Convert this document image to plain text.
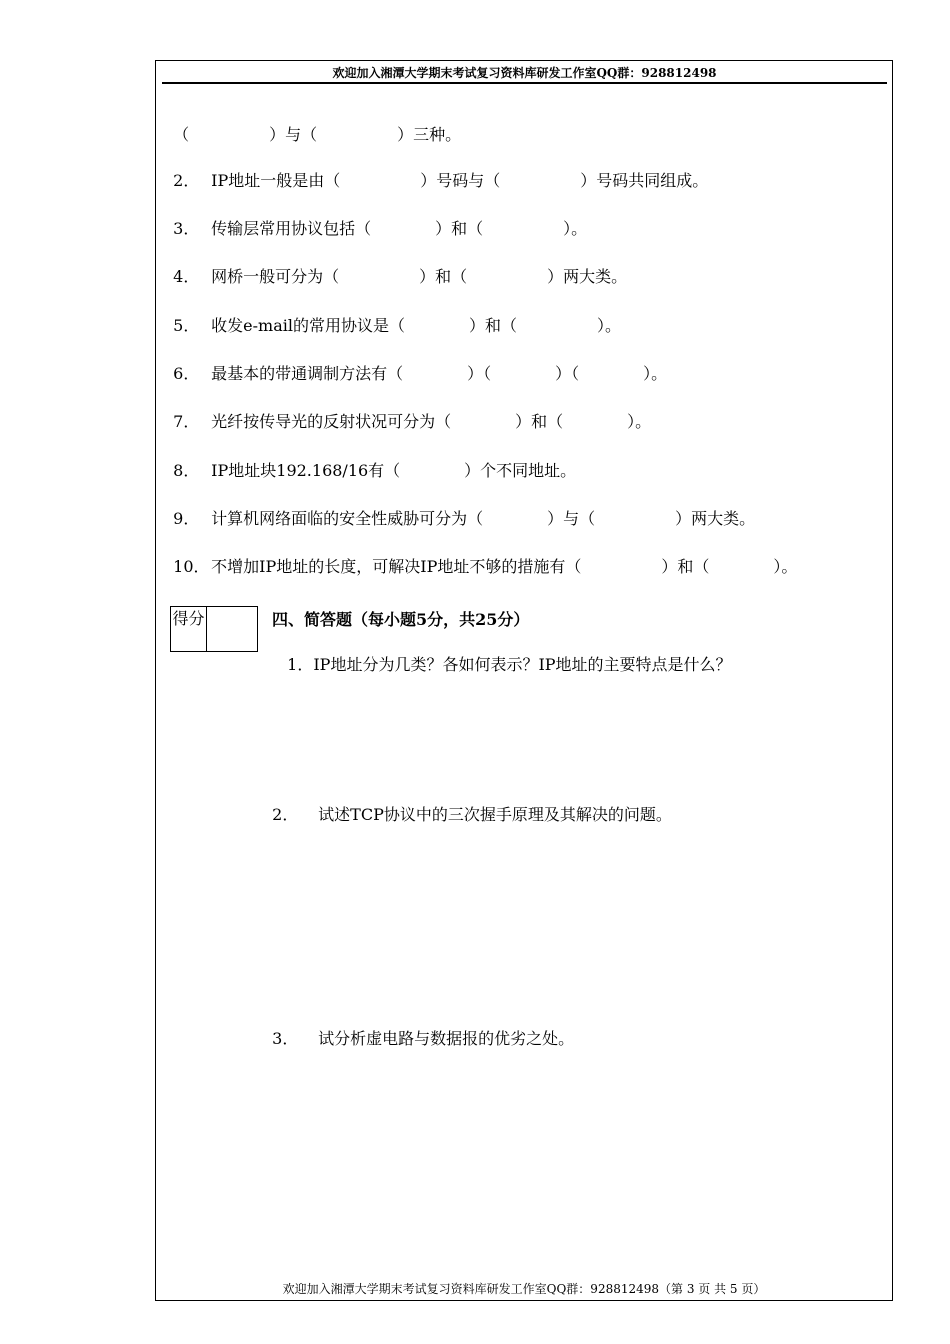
欢迎加入湘潭大学期末考试复习资料库研发工作室QQ群：928812498

（　　　　　）与（　　　　　）三种。

2． IP地址一般是由（　　　　　）号码与（　　　　　）号码共同组成。

3． 传输层常用协议包括（　　　　）和（　　　　　）。

4． 网桥一般可分为（　　　　　）和（　　　　　）两大类。

5． 收发e-mail的常用协议是（　　　　）和（　　　　　）。

6． 最基本的带通调制方法有（　　　　）（　　　　）（　　　　）。

7． 光纤按传导光的反射状况可分为（　　　　）和（　　　　）。

8． IP地址块192.168/16有（　　　　）个不同地址。

9． 计算机网络面临的安全性威胁可分为（　　　　）与（　　　　　）两大类。

10． 不增加IP地址的长度，可解决IP地址不够的措施有（　　　　　）和（　　　　）。

得分	四、简答题（每小题5分，共25分）

1．IP地址分为几类？各如何表示？IP地址的主要特点是什么？

2． 试述TCP协议中的三次握手原理及其解决的问题。

3． 试分析虚电路与数据报的优劣之处。

欢迎加入湘潭大学期末考试复习资料库研发工作室QQ群：928812498（第 3 页 共 5 页）
